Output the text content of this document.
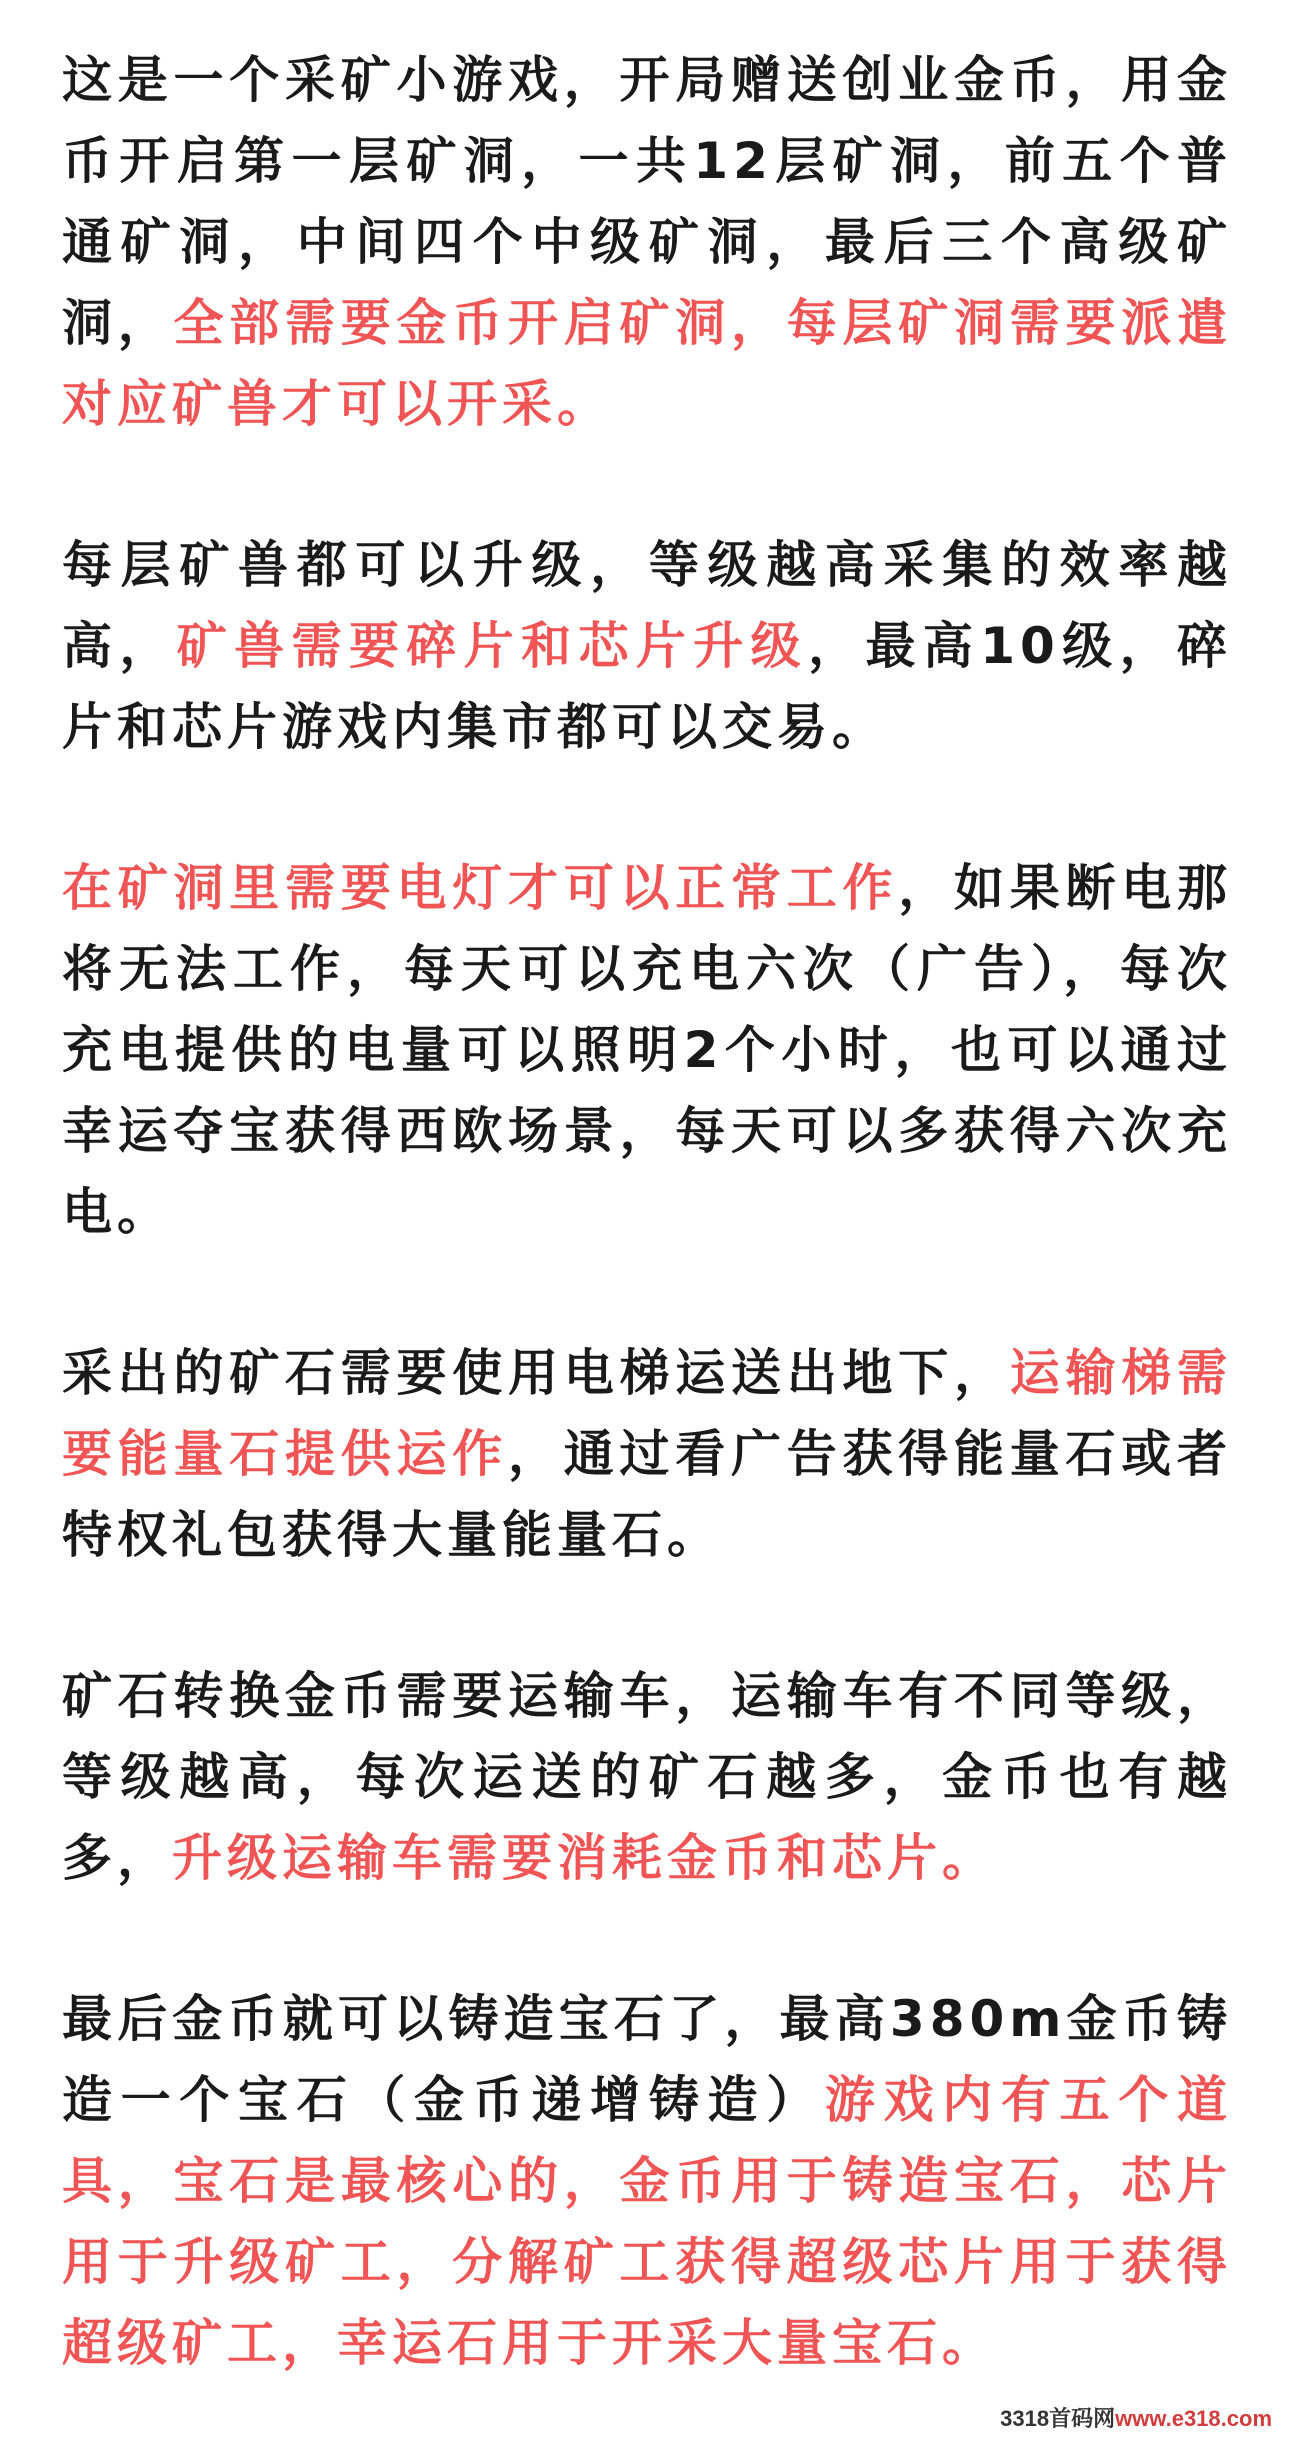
这是一个采矿小游戏，开局赠送创业金币，用金币开启第一层矿洞，一共12层矿洞，前五个普通矿洞，中间四个中级矿洞，最后三个高级矿洞，全部需要金币开启矿洞，每层矿洞需要派遣对应矿兽才可以开采。

每层矿兽都可以升级，等级越高采集的效率越高，矿兽需要碎片和芯片升级，最高10级，碎片和芯片游戏内集市都可以交易。

在矿洞里需要电灯才可以正常工作，如果断电那将无法工作，每天可以充电六次（广告），每次充电提供的电量可以照明2个小时，也可以通过幸运夺宝获得西欧场景，每天可以多获得六次充电。

采出的矿石需要使用电梯运送出地下，运输梯需要能量石提供运作，通过看广告获得能量石或者特权礼包获得大量能量石。

矿石转换金币需要运输车，运输车有不同等级，等级越高，每次运送的矿石越多，金币也有越多，升级运输车需要消耗金币和芯片。

最后金币就可以铸造宝石了，最高380m金币铸造一个宝石（金币递增铸造）游戏内有五个道具，宝石是最核心的，金币用于铸造宝石，芯片用于升级矿工，分解矿工获得超级芯片用于获得超级矿工，幸运石用于开采大量宝石。

3318首码网www.e318.com
